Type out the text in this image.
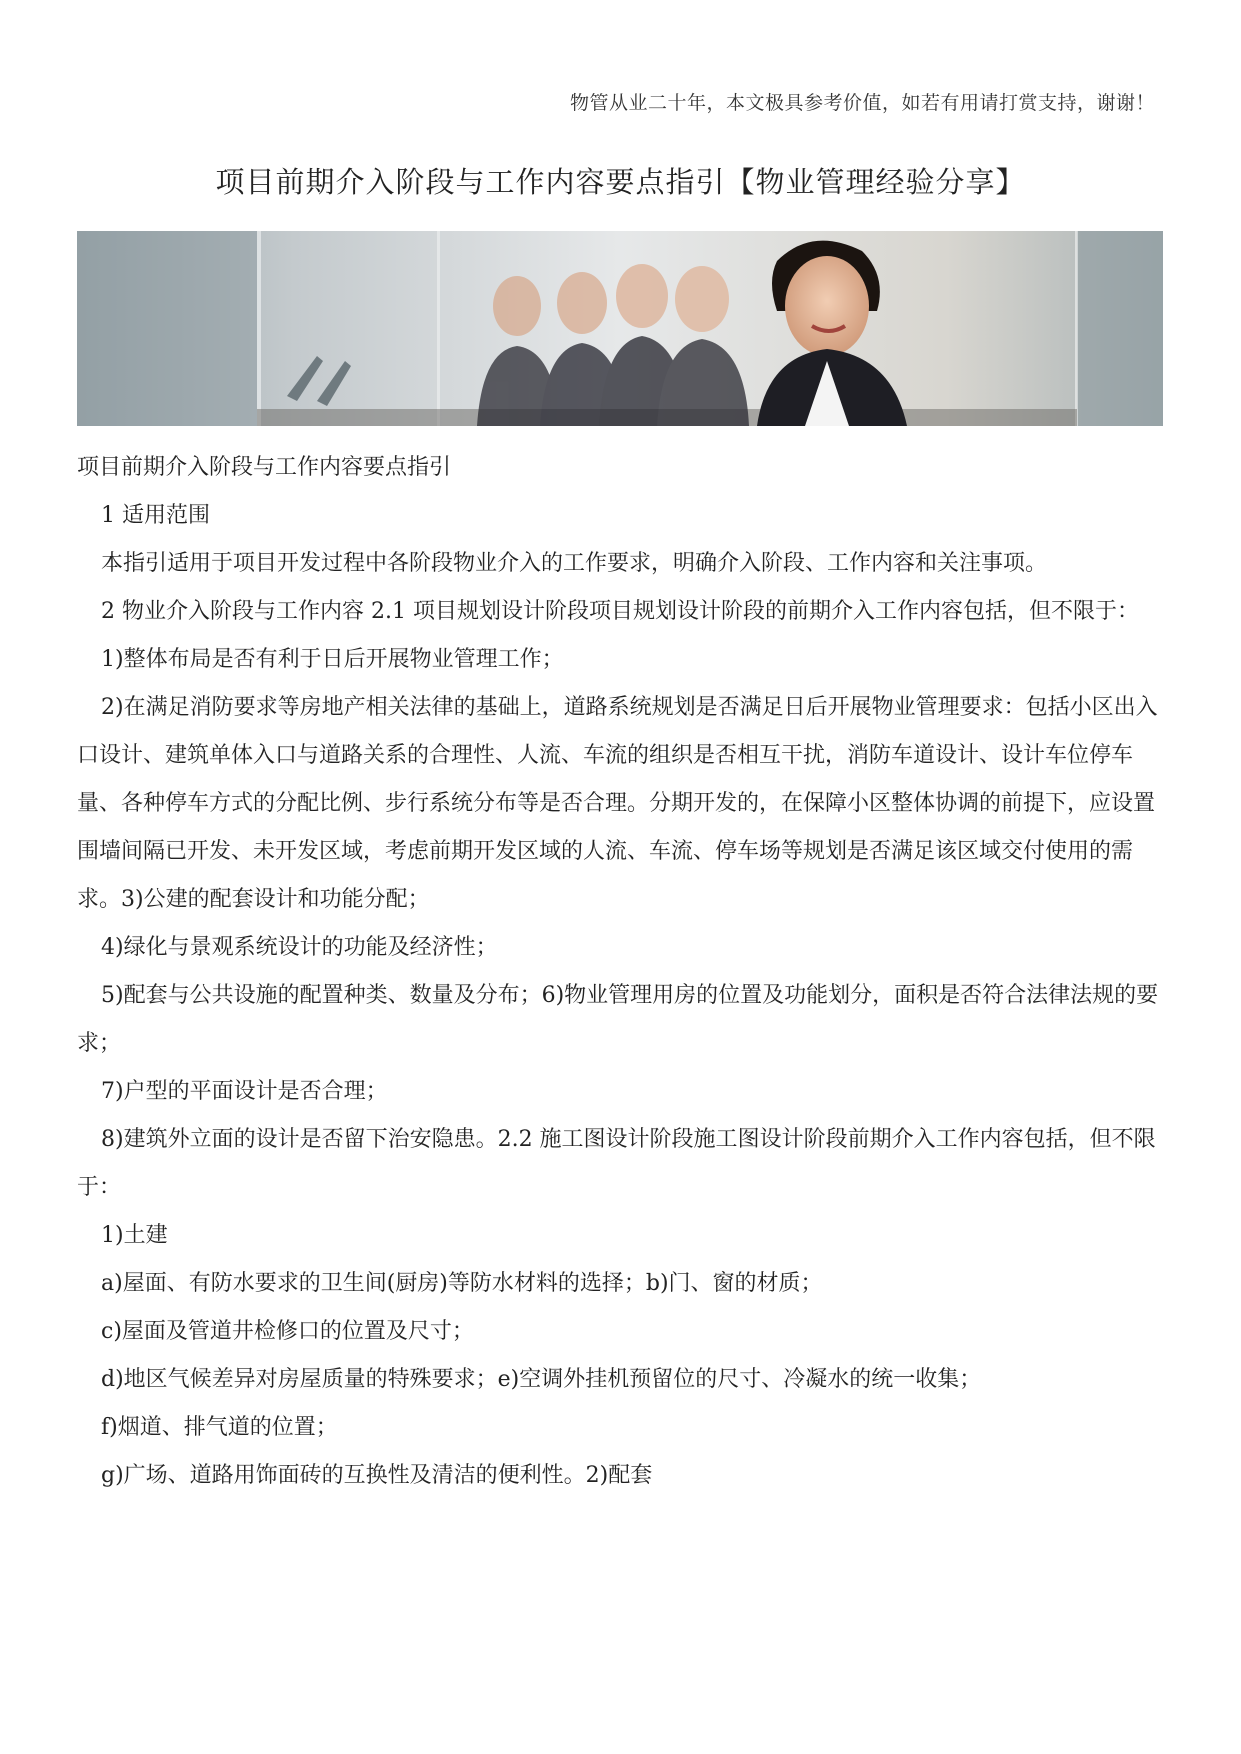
物管从业二十年，本文极具参考价值，如若有用请打赏支持，谢谢！
项目前期介入阶段与工作内容要点指引【物业管理经验分享】

项目前期介入阶段与工作内容要点指引

1 适用范围

本指引适用于项目开发过程中各阶段物业介入的工作要求，明确介入阶段、工作内容和关注事项。

2 物业介入阶段与工作内容 2.1 项目规划设计阶段项目规划设计阶段的前期介入工作内容包括，但不限于：

1)整体布局是否有利于日后开展物业管理工作；

2)在满足消防要求等房地产相关法律的基础上，道路系统规划是否满足日后开展物业管理要求：包括小区出入口设计、建筑单体入口与道路关系的合理性、人流、车流的组织是否相互干扰，消防车道设计、设计车位停车量、各种停车方式的分配比例、步行系统分布等是否合理。分期开发的，在保障小区整体协调的前提下，应设置围墙间隔已开发、未开发区域，考虑前期开发区域的人流、车流、停车场等规划是否满足该区域交付使用的需求。3)公建的配套设计和功能分配；

4)绿化与景观系统设计的功能及经济性；

5)配套与公共设施的配置种类、数量及分布；6)物业管理用房的位置及功能划分，面积是否符合法律法规的要求；

7)户型的平面设计是否合理；

8)建筑外立面的设计是否留下治安隐患。2.2 施工图设计阶段施工图设计阶段前期介入工作内容包括，但不限于：

1)土建

a)屋面、有防水要求的卫生间(厨房)等防水材料的选择；b)门、窗的材质；

c)屋面及管道井检修口的位置及尺寸；

d)地区气候差异对房屋质量的特殊要求；e)空调外挂机预留位的尺寸、冷凝水的统一收集；

f)烟道、排气道的位置；

g)广场、道路用饰面砖的互换性及清洁的便利性。2)配套
